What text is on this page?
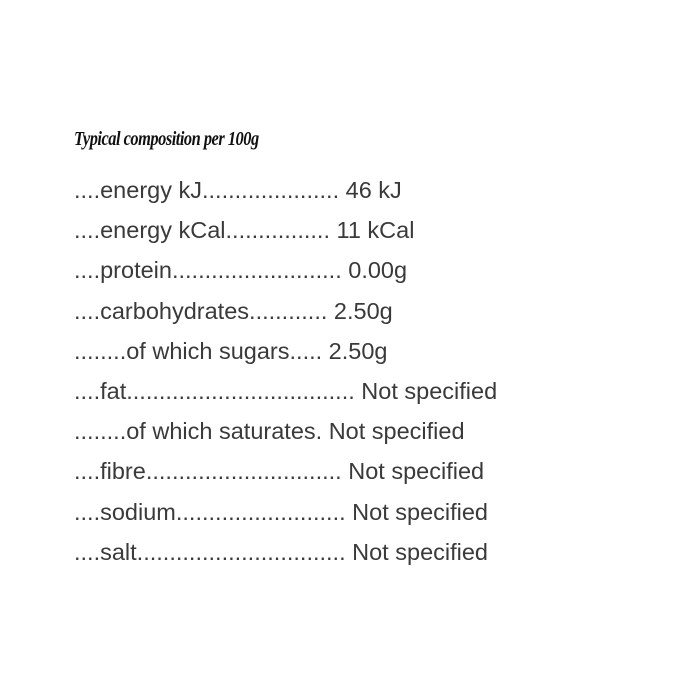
Typical composition per 100g
....energy kJ..................... 46 kJ
....energy kCal................ 11 kCal
....protein.......................... 0.00g
....carbohydrates............ 2.50g
........of which sugars..... 2.50g
....fat................................... Not specified
........of which saturates. Not specified
....fibre.............................. Not specified
....sodium.......................... Not specified
....salt................................ Not specified
